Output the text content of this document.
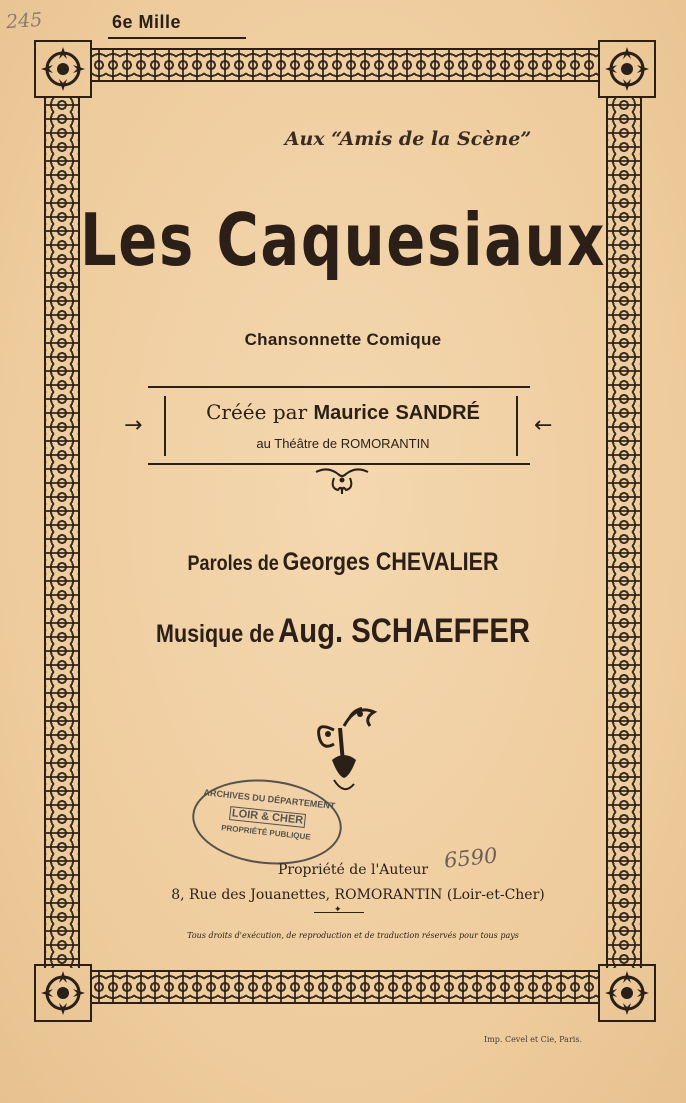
245	6e Mille
Aux “Amis de la Scène”
Les Caquesiaux
Chansonnette Comique
→	←
Créée par Maurice SANDRÉ
au Théâtre de ROMORANTIN
Paroles de Georges CHEVALIER
Musique de Aug. SCHAEFFER
ARCHIVES DU DÉPARTEMENT
LOIR & CHER
PROPRIÉTÉ PUBLIQUE
6590
Propriété de l'Auteur
8, Rue des Jouanettes, ROMORANTIN (Loir-et-Cher)
✦
Tous droits d'exécution, de reproduction et de traduction réservés pour tous pays
Imp. Cevel et Cie, Paris.
